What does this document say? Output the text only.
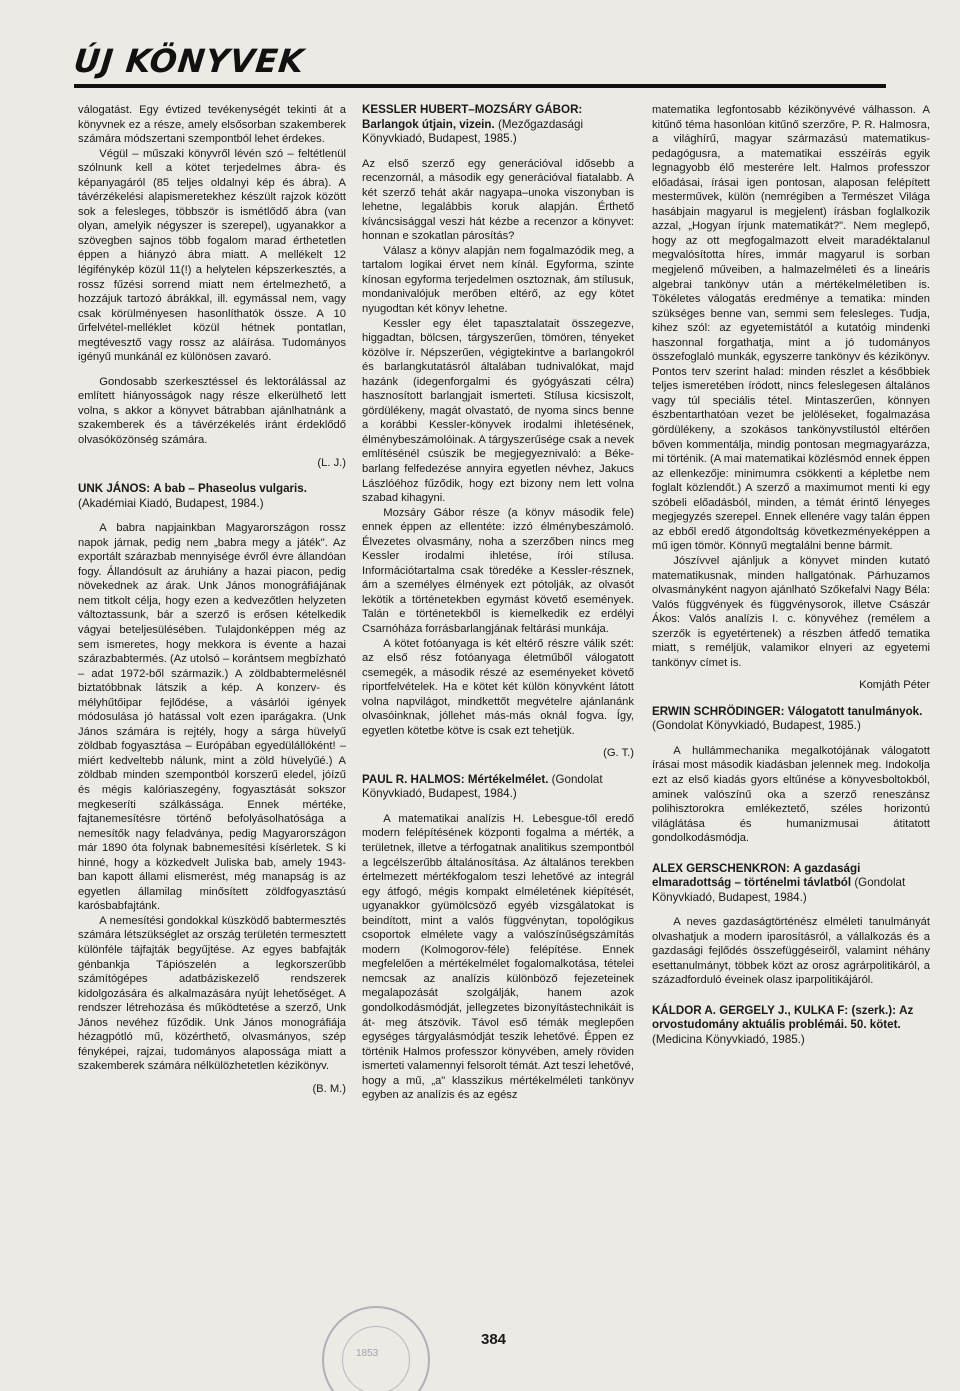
ÚJ KÖNYVEK

válogatást. Egy évtized tevékenységét tekinti át a könyvnek ez a része, amely elsősorban szakemberek számára módszertani szempontból lehet érdekes.

Végül – műszaki könyvről lévén szó – feltétlenül szólnunk kell a kötet terjedelmes ábra- és képanyagáról (85 teljes oldalnyi kép és ábra). A távérzékelési alapismeretekhez készült rajzok között sok a felesleges, többször is ismétlődő ábra (van olyan, amelyik négyszer is szerepel), ugyanakkor a szövegben sajnos több fogalom marad érthetetlen éppen a hiányzó ábra miatt. A mellékelt 12 légifénykép közül 11(!) a helytelen képszerkesztés, a rossz fűzési sorrend miatt nem értelmezhető, a hozzájuk tartozó ábrákkal, ill. egymással nem, vagy csak körülményesen hasonlíthatók össze. A 10 űrfelvétel-melléklet közül hétnek pontatlan, megtévesztő vagy rossz az aláírása. Tudományos igényű munkánál ez különösen zavaró.

Gondosabb szerkesztéssel és lektorálással az említett hiányosságok nagy része elkerülhető lett volna, s akkor a könyvet bátrabban ajánlhatnánk a szakemberek és a távérzékelés iránt érdeklődő olvasóközönség számára.

(L. J.)
UNK JÁNOS: A bab – Phaseolus vulgaris. (Akadémiai Kiadó, Budapest, 1984.)

A babra napjainkban Magyarországon rossz napok járnak, pedig nem „babra megy a játék". Az exportált szárazbab mennyisége évről évre állandóan fogy. Állandósult az áruhiány a hazai piacon, pedig növekednek az árak. Unk János monográfiájának nem titkolt célja, hogy ezen a kedvezőtlen helyzeten változtassunk, bár a szerző is erősen kételkedik vágyai beteljesülésében. Tulajdonképpen még az sem ismeretes, hogy mekkora is évente a hazai szárazbabtermés. (Az utolsó – korántsem megbízható – adat 1972-ből származik.) A zöldbabtermelésnél biztatóbbnak látszik a kép. A konzerv- és mélyhűtőipar fejlődése, a vásárlói igények módosulása jó hatással volt ezen iparágakra. (Unk János számára is rejtély, hogy a sárga hüvelyű zöldbab fogyasztása – Európában egyedülállóként! – miért kedveltebb nálunk, mint a zöld hüvelyűé.) A zöldbab minden szempontból korszerű eledel, jóízű és mégis kalóriaszegény, fogyasztását sokszor megkeseríti szálkássága. Ennek mértéke, fajtanemesítésre történő befolyásolhatósága a nemesítők nagy feladványa, pedig Magyarországon már 1890 óta folynak babnemesítési kísérletek. S ki hinné, hogy a közkedvelt Juliska bab, amely 1943-ban kapott állami elismerést, még manapság is az egyetlen államilag minősített zöldfogyasztású karósbabfajtánk.

A nemesítési gondokkal küszködő babtermesztés számára létszükséglet az ország területén termesztett különféle tájfajták begyűjtése. Az egyes babfajták génbankja Tápiószelén a legkorszerűbb számítógépes adatbáziskezelő rendszerek kidolgozására és alkalmazására nyújt lehetőséget. A rendszer létrehozása és működtetése a szerző, Unk János nevéhez fűződik. Unk János monográfiája hézagpótló mű, közérthető, olvasmányos, szép fényképei, rajzai, tudományos alapossága miatt a szakemberek számára nélkülözhetetlen kézikönyv.

(B. M.)
KESSLER HUBERT–MOZSÁRY GÁBOR: Barlangok útjain, vizein. (Mezőgazdasági Könyvkiadó, Budapest, 1985.)

Az első szerző egy generációval idősebb a recenzornál, a második egy generációval fiatalabb. A két szerző tehát akár nagyapa–unoka viszonyban is lehetne, legalábbis koruk alapján. Érthető kíváncsisággal veszi hát kézbe a recenzor a könyvet: honnan e szokatlan párosítás?

Válasz a könyv alapján nem fogalmazódik meg, a tartalom logikai érvet nem kínál. Egyforma, szinte kínosan egyforma terjedelmen osztoznak, ám stílusuk, mondanivalójuk merőben eltérő, az egy kötet nyugodtan két könyv lehetne.

Kessler egy élet tapasztalatait összegezve, higgadtan, bölcsen, tárgyszerűen, tömören, tényeket közölve ír. Népszerűen, végigtekintve a barlangokról és barlangkutatásról általában tudnivalókat, majd hazánk (idegenforgalmi és gyógyászati célra) hasznosított barlangjait ismerteti. Stílusa kicsiszolt, gördülékeny, magát olvastató, de nyoma sincs benne a korábbi Kessler-könyvek irodalmi ihletésének, élménybeszámolóinak. A tárgyszerűsége csak a nevek említésénél csúszik be megjegyeznivaló: a Béke-barlang felfedezése annyira egyetlen névhez, Jakucs Lászlóéhoz fűződik, hogy ezt bizony nem lett volna szabad kihagyni.

Mozsáry Gábor része (a könyv második fele) ennek éppen az ellentéte: izzó élménybeszámoló. Élvezetes olvasmány, noha a szerzőben nincs meg Kessler irodalmi ihletése, írói stílusa. Információtartalma csak töredéke a Kessler-résznek, ám a személyes élmények ezt pótolják, az olvasót lekötik a történetekben egymást követő események. Talán e történetekből is kiemelkedik ez erdélyi Csarnóháza forrásbarlangjának feltárási munkája.

A kötet fotóanyaga is két eltérő részre válik szét: az első rész fotóanyaga életműből válogatott csemegék, a második részé az eseményeket követő riportfelvételek. Ha e kötet két külön könyvként látott volna napvilágot, mindkettőt megvételre ajánlanánk olvasóinknak, jóllehet más-más oknál fogva. Így, egyetlen kötetbe kötve is csak ezt tehetjük.

(G. T.)
PAUL R. HALMOS: Mértékelmélet. (Gondolat Könyvkiadó, Budapest, 1984.)

A matematikai analízis H. Lebesgue-től eredő modern felépítésének központi fogalma a mérték, a területnek, illetve a térfogatnak analitikus szempontból a legcélszerűbb általánosítása. Az általános terekben értelmezett mértékfogalom teszi lehetővé az integrál egy átfogó, mégis kompakt elméletének kiépítését, ugyanakkor gyümölcsöző egyéb vizsgálatokat is beindított, mint a valós függvénytan, topológikus csoportok elmélete vagy a valószínűségszámítás modern (Kolmogorov-féle) felépítése. Ennek megfelelően a mértékelmélet fogalomalkotása, tételei nemcsak az analízis különböző fejezeteinek megalapozását szolgálják, hanem azok gondolkodásmódját, jellegzetes bizonyítástechnikáit is át- meg átszövik. Távol eső témák meglepően egységes tárgyalásmódját teszik lehetővé. Éppen ez történik Halmos professzor könyvében, amely röviden ismerteti valamennyi felsorolt témát. Azt teszi lehetővé, hogy a mű, „a" klasszikus mértékelméleti tankönyv egyben az analízis és az egész

matematika legfontosabb kézikönyvévé válhasson. A kitűnő téma hasonlóan kitűnő szerzőre, P. R. Halmosra, a világhírű, magyar származású matematikus-pedagógusra, a matematikai esszéírás egyik legnagyobb élő mesterére lelt. Halmos professzor előadásai, írásai igen pontosan, alaposan felépített mesterművek, külön (nemrégiben a Természet Világa hasábjain magyarul is megjelent) írásban foglalkozik azzal, „Hogyan írjunk matematikát?". Nem meglepő, hogy az ott megfogalmazott elveit maradéktalanul megvalósította híres, immár magyarul is sorban megjelenő műveiben, a halmazelméleti és a lineáris algebrai tankönyv után a mértékelméletiben is. Tökéletes válogatás eredménye a tematika: minden szükséges benne van, semmi sem felesleges. Tudja, kihez szól: az egyetemistától a kutatóig mindenki haszonnal forgathatja, mint a jó tudományos összefoglaló munkák, egyszerre tankönyv és kézikönyv. Pontos terv szerint halad: minden részlet a későbbiek teljes ismeretében íródott, nincs feleslegesen általános vagy túl speciális tétel. Mintaszerűen, könnyen észbentarthatóan vezet be jelöléseket, fogalmazása gördülékeny, a szokásos tankönyvstílustól eltérően bőven kommentálja, mindig pontosan megmagyarázza, mi történik. (A mai matematikai közlésmód ennek éppen az ellenkezője: minimumra csökkenti a képletbe nem foglalt közlendőt.) A szerző a maximumot menti ki egy szóbeli előadásból, minden, a témát érintő lényeges megjegyzés szerepel. Ennek ellenére vagy talán éppen az ebből eredő átgondoltság következményeképpen a mű igen tömör. Könnyű megtalálni benne bármit.

Jószívvel ajánljuk a könyvet minden kutató matematikusnak, minden hallgatónak. Párhuzamos olvasmányként nagyon ajánlható Szőkefalvi Nagy Béla: Valós függvények és függvénysorok, illetve Császár Ákos: Valós analízis I. c. könyvéhez (remélem a szerzők is egyetértenek) a részben átfedő tematika miatt, s reméljük, valamikor elnyeri az egyetemi tankönyv címet is.

Komjáth Péter
ERWIN SCHRÖDINGER: Válogatott tanulmányok. (Gondolat Könyvkiadó, Budapest, 1985.)

A hullámmechanika megalkotójának válogatott írásai most második kiadásban jelennek meg. Indokolja ezt az első kiadás gyors eltűnése a könyvesboltokból, aminek valószínű oka a szerző reneszánsz polihisztorokra emlékeztető, széles horizontú világlátása és humanizmusai átitatott gondolkodásmódja.

ALEX GERSCHENKRON: A gazdasági elmaradottság – történelmi távlatból (Gondolat Könyvkiadó, Budapest, 1984.)

A neves gazdaságtörténész elméleti tanulmányát olvashatjuk a modern iparosításról, a vállalkozás és a gazdasági fejlődés összefüggéseiről, valamint néhány esettanulmányt, többek közt az orosz agrárpolitikáról, a századforduló éveinek olasz iparpolitikájáról.

KÁLDOR A. GERGELY J., KULKA F: (szerk.): Az orvostudomány aktuális problémái. 50. kötet. (Medicina Könyvkiadó, 1985.)
1853
384
